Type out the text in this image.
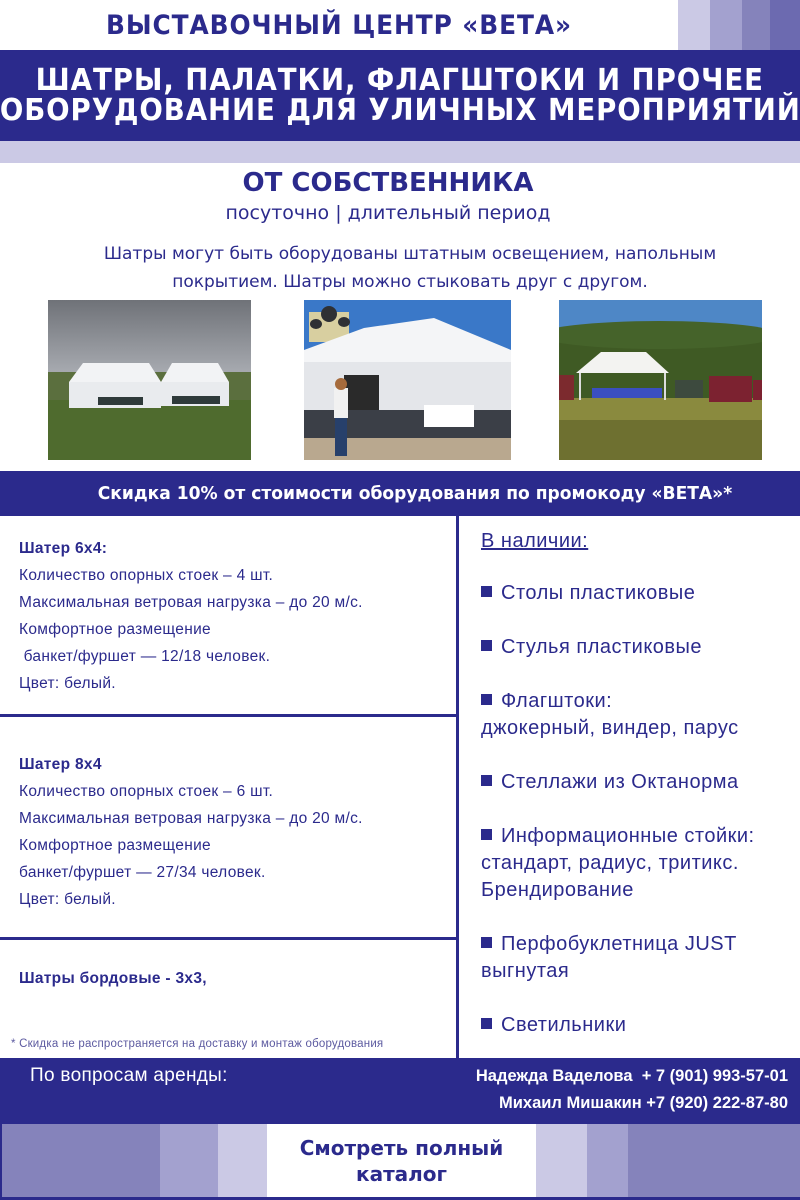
ВЫСТАВОЧНЫЙ ЦЕНТР «ВЕТА»
ШАТРЫ, ПАЛАТКИ, ФЛАГШТОКИ И ПРОЧЕЕ
ОБОРУДОВАНИЕ ДЛЯ УЛИЧНЫХ МЕРОПРИЯТИЙ
ОТ СОБСТВЕННИКА
посуточно | длительный период
Шатры могут быть оборудованы штатным освещением, напольным
покрытием. Шатры можно стыковать друг с другом.
Скидка 10% от стоимости оборудования по промокоду «ВЕТА»*
Шатер 6х4:
Количество опорных стоек – 4 шт.
Максимальная ветровая нагрузка – до 20 м/с.
Комфортное размещение
банкет/фуршет — 12/18 человек.
Цвет: белый.
Шатер 8х4
Количество опорных стоек – 6 шт.
Максимальная ветровая нагрузка – до 20 м/с.
Комфортное размещение
банкет/фуршет — 27/34 человек.
Цвет: белый.
Шатры бордовые - 3х3,
* Скидка не распространяется на доставку и монтаж оборудования
В наличии:
Столы пластиковые
Стулья пластиковые
Флагштоки:
джокерный, виндер, парус
Стеллажи из Октанорма
Информационные стойки:
стандарт, радиус, тритикс.
Брендирование
Перфобуклетница JUST
выгнутая
Светильники
По вопросам аренды:	Надежда Ваделова  + 7 (901) 993-57-01
Михаил Мишакин +7 (920) 222-87-80
Смотреть полный
каталог
